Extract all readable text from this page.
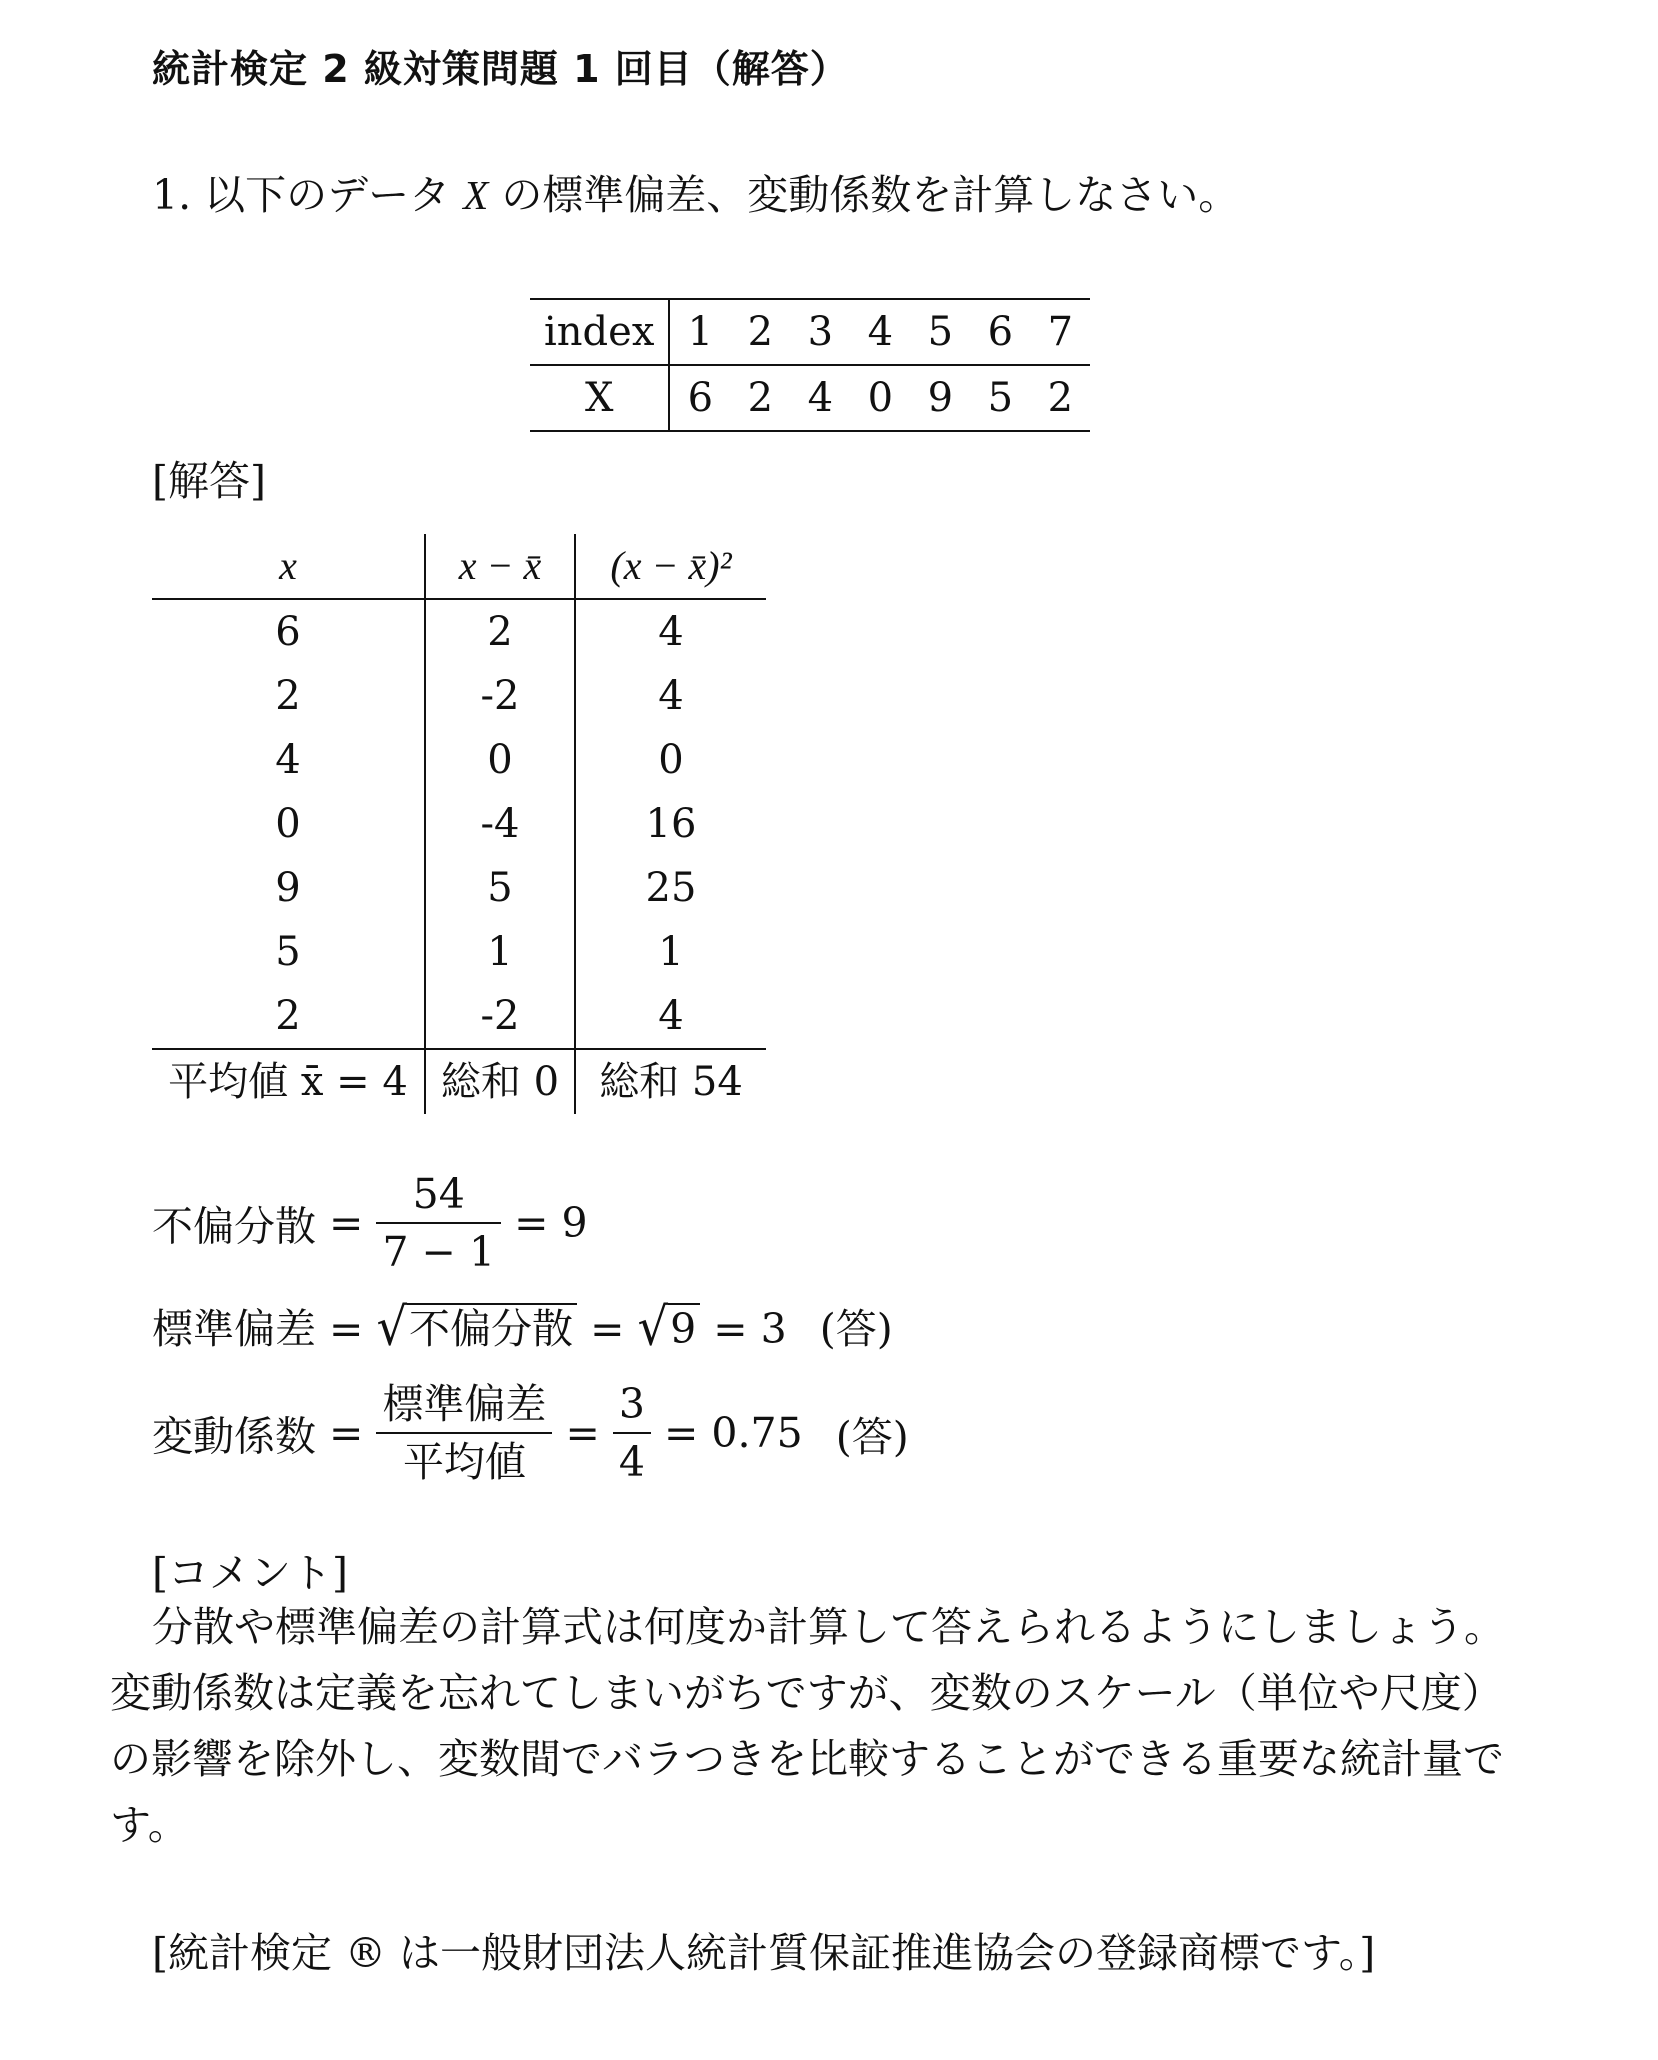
統計検定 2 級対策問題 1 回目（解答）
1. 以下のデータ X の標準偏差、変動係数を計算しなさい。
index	1	2	3	4	5	6	7
X	6	2	4	0	9	5	2
[解答]
x	x − x̄	(x − x̄)²
6	2	4
2	-2	4
4	0	0
0	-4	16
9	5	25
5	1	1
2	-2	4
平均値 x̄ = 4	総和 0	総和 54
不偏分散 = $\frac{54}{7 - 1} = 9$
標準偏差 = √不偏分散 = √9 = 3 (答)
変動係数 = $\frac{\text{標準偏差}}{\text{平均値}} = \frac{3}{4} = 0.75$ (答)
[コメント]
分散や標準偏差の計算式は何度か計算して答えられるようにしましょう。変動係数は定義を忘れてしまいがちですが、変数のスケール（単位や尺度）の影響を除外し、変数間でバラつきを比較することができる重要な統計量です。
[統計検定 ® は一般財団法人統計質保証推進協会の登録商標です。]
